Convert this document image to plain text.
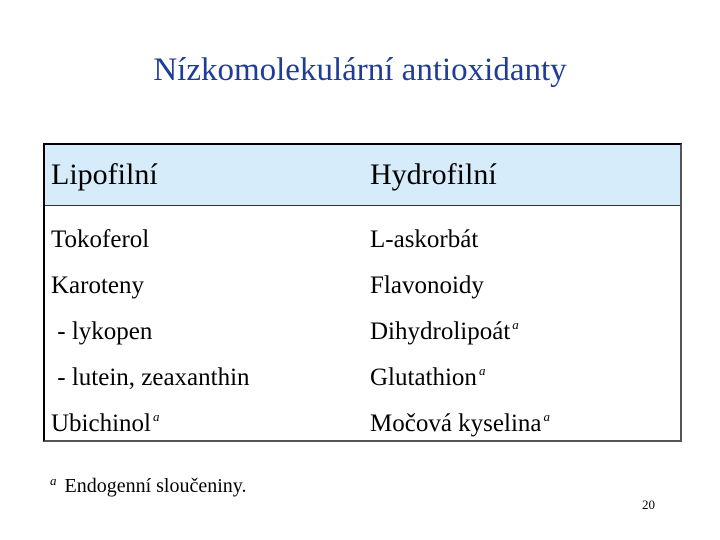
Nízkomolekulární antioxidanty
Lipofilní	Hydrofilní
Tokoferol	L-askorbát
Karoteny	Flavonoidy
- lykopen	Dihydrolipoát $^a$
- lutein, zeaxanthin	Glutathion $^a$
Ubichinol $^a$	Močová kyselina $^a$
$^a$ Endogenní sloučeniny.
20
